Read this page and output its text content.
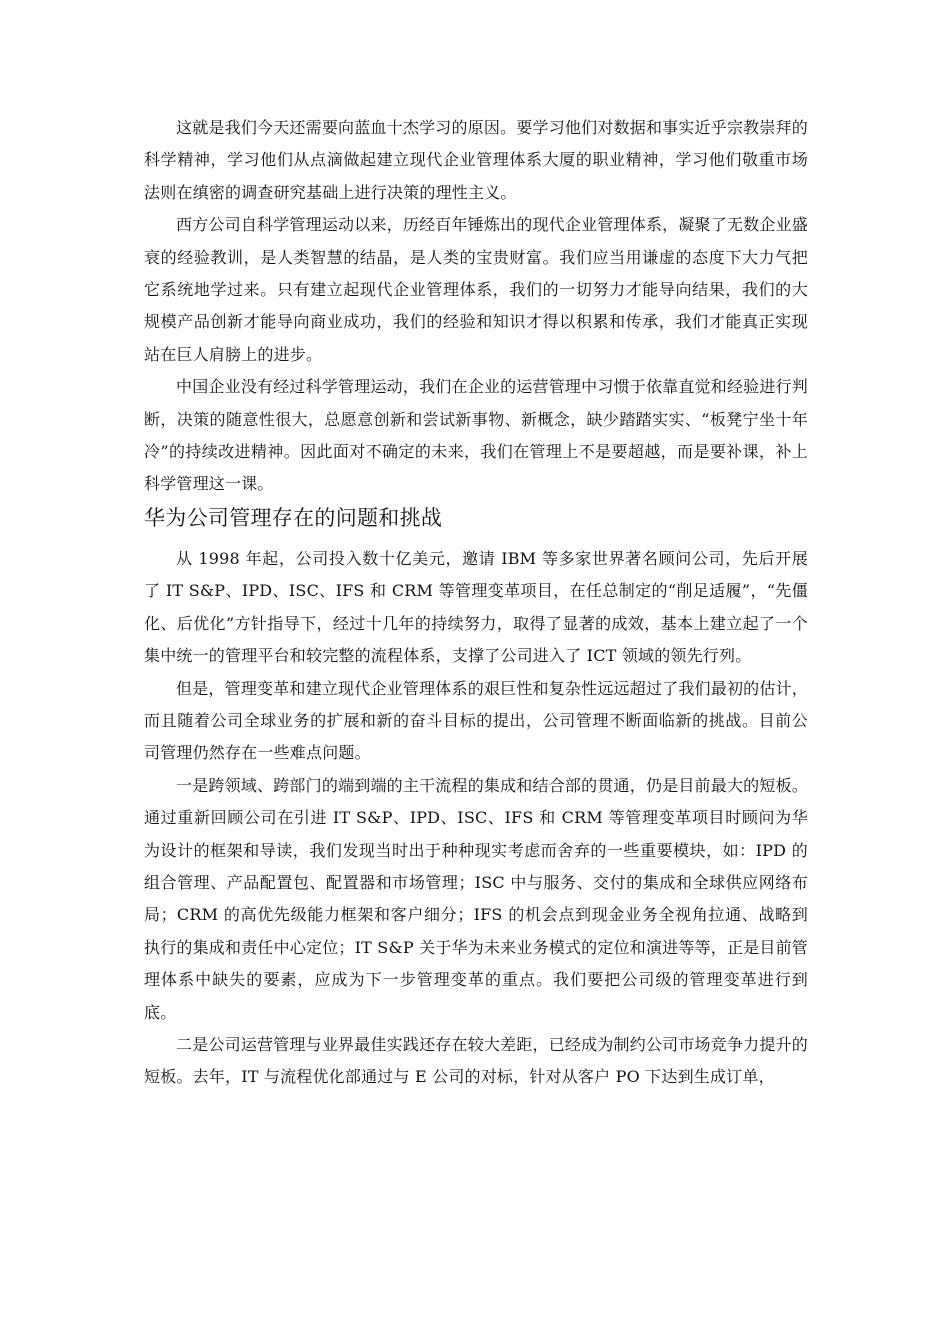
这就是我们今天还需要向蓝血十杰学习的原因。要学习他们对数据和事实近乎宗教崇拜的科学精神，学习他们从点滴做起建立现代企业管理体系大厦的职业精神，学习他们敬重市场法则在缜密的调查研究基础上进行决策的理性主义。

西方公司自科学管理运动以来，历经百年锤炼出的现代企业管理体系，凝聚了无数企业盛衰的经验教训，是人类智慧的结晶，是人类的宝贵财富。我们应当用谦虚的态度下大力气把它系统地学过来。只有建立起现代企业管理体系，我们的一切努力才能导向结果，我们的大规模产品创新才能导向商业成功，我们的经验和知识才得以积累和传承，我们才能真正实现站在巨人肩膀上的进步。

中国企业没有经过科学管理运动，我们在企业的运营管理中习惯于依靠直觉和经验进行判断，决策的随意性很大，总愿意创新和尝试新事物、新概念，缺少踏踏实实、“板凳宁坐十年冷”的持续改进精神。因此面对不确定的未来，我们在管理上不是要超越，而是要补课，补上科学管理这一课。

华为公司管理存在的问题和挑战

从 1998 年起，公司投入数十亿美元，邀请 IBM 等多家世界著名顾问公司，先后开展了 IT S&P、IPD、ISC、IFS 和 CRM 等管理变革项目，在任总制定的“削足适履”，“先僵化、后优化”方针指导下，经过十几年的持续努力，取得了显著的成效，基本上建立起了一个集中统一的管理平台和较完整的流程体系，支撑了公司进入了 ICT 领域的领先行列。

但是，管理变革和建立现代企业管理体系的艰巨性和复杂性远远超过了我们最初的估计，而且随着公司全球业务的扩展和新的奋斗目标的提出，公司管理不断面临新的挑战。目前公司管理仍然存在一些难点问题。

一是跨领域、跨部门的端到端的主干流程的集成和结合部的贯通，仍是目前最大的短板。通过重新回顾公司在引进 IT S&P、IPD、ISC、IFS 和 CRM 等管理变革项目时顾问为华为设计的框架和导读，我们发现当时出于种种现实考虑而舍弃的一些重要模块，如：IPD 的组合管理、产品配置包、配置器和市场管理；ISC 中与服务、交付的集成和全球供应网络布局；CRM 的高优先级能力框架和客户细分；IFS 的机会点到现金业务全视角拉通、战略到执行的集成和责任中心定位；IT S&P 关于华为未来业务模式的定位和演进等等，正是目前管理体系中缺失的要素，应成为下一步管理变革的重点。我们要把公司级的管理变革进行到底。

二是公司运营管理与业界最佳实践还存在较大差距，已经成为制约公司市场竞争力提升的短板。去年，IT 与流程优化部通过与 E 公司的对标，针对从客户 PO 下达到生成订单，
